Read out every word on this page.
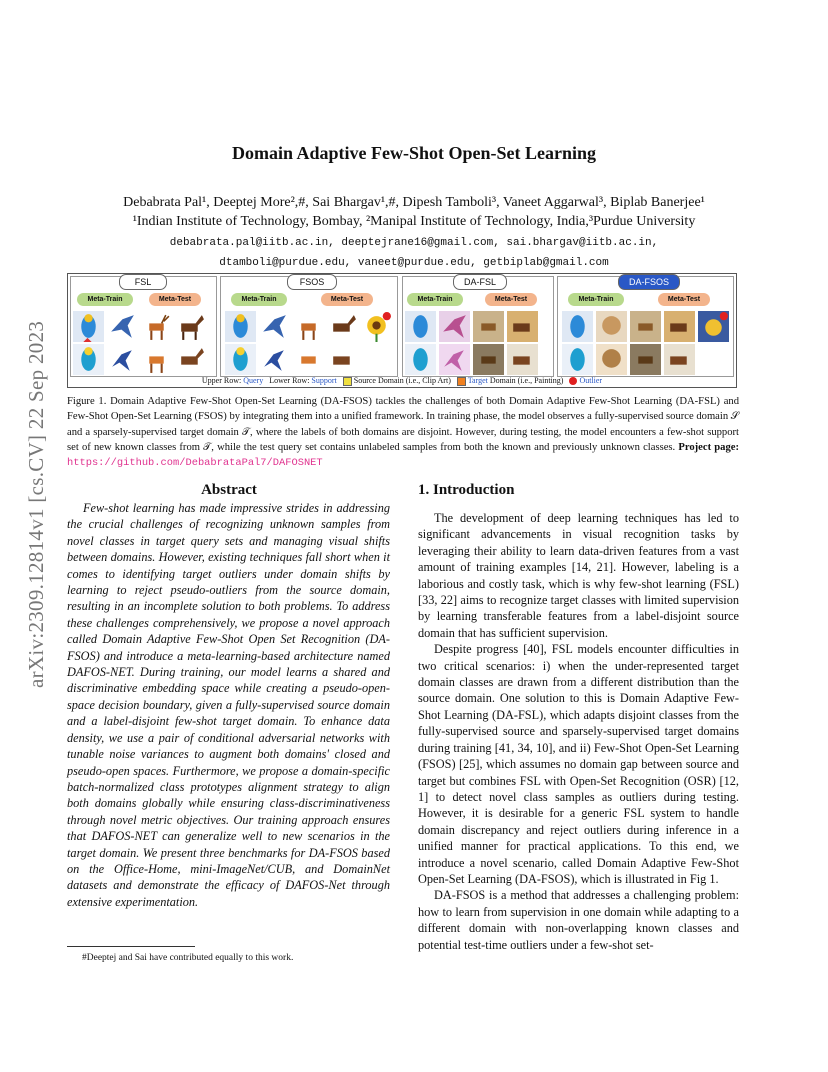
arXiv:2309.12814v1 [cs.CV] 22 Sep 2023
Domain Adaptive Few-Shot Open-Set Learning
Debabrata Pal¹, Deeptej More²,#, Sai Bhargav¹,#, Dipesh Tamboli³, Vaneet Aggarwal³, Biplab Banerjee¹
¹Indian Institute of Technology, Bombay, ²Manipal Institute of Technology, India,³Purdue University
debabrata.pal@iitb.ac.in, deeptejrane16@gmail.com, sai.bhargav@iitb.ac.in,
dtamboli@purdue.edu, vaneet@purdue.edu, getbiplab@gmail.com
FSL
Meta-Train	Meta-Test
FSOS
Meta-Train	Meta-Test
DA-FSL
Meta-Train	Meta-Test
DA-FSOS
Meta-Train	Meta-Test
Upper Row: Query Lower Row: Support Source Domain (i.e., Clip Art) Target Domain (i.e., Painting) Outlier
Figure 1. Domain Adaptive Few-Shot Open-Set Learning (DA-FSOS) tackles the challenges of both Domain Adaptive Few-Shot Learning (DA-FSL) and Few-Shot Open-Set Learning (FSOS) by integrating them into a unified framework. In training phase, the model observes a fully-supervised source domain 𝒮 and a sparsely-supervised target domain 𝒯, where the labels of both domains are disjoint. However, during testing, the model encounters a few-shot support set of new known classes from 𝒯, while the test query set contains unlabeled samples from both the known and previously unknown classes. Project page: https://github.com/DebabrataPal7/DAFOSNET
Abstract

Few-shot learning has made impressive strides in addressing the crucial challenges of recognizing unknown samples from novel classes in target query sets and managing visual shifts between domains. However, existing techniques fall short when it comes to identifying target outliers under domain shifts by learning to reject pseudo-outliers from the source domain, resulting in an incomplete solution to both problems. To address these challenges comprehensively, we propose a novel approach called Domain Adaptive Few-Shot Open Set Recognition (DA-FSOS) and introduce a meta-learning-based architecture named DAFOS-NET. During training, our model learns a shared and discriminative embedding space while creating a pseudo-open-space decision boundary, given a fully-supervised source domain and a label-disjoint few-shot target domain. To enhance data density, we use a pair of conditional adversarial networks with tunable noise variances to augment both domains' closed and pseudo-open spaces. Furthermore, we propose a domain-specific batch-normalized class prototypes alignment strategy to align both domains globally while ensuring class-discriminativeness through novel metric objectives. Our training approach ensures that DAFOS-NET can generalize well to new scenarios in the target domain. We present three benchmarks for DA-FSOS based on the Office-Home, mini-ImageNet/CUB, and DomainNet datasets and demonstrate the efficacy of DAFOS-Net through extensive experimentation.

1. Introduction

The development of deep learning techniques has led to significant advancements in visual recognition tasks by leveraging their ability to learn data-driven features from a vast amount of training examples [14, 21]. However, labeling is a laborious and costly task, which is why few-shot learning (FSL) [33, 22] aims to recognize target classes with limited supervision by learning transferable features from a label-disjoint source domain that has sufficient supervision.

Despite progress [40], FSL models encounter difficulties in two critical scenarios: i) when the under-represented target domain classes are drawn from a different distribution than the source domain. One solution to this is Domain Adaptive Few-Shot Learning (DA-FSL), which adapts disjoint classes from the fully-supervised source and sparsely-supervised target domains during training [41, 34, 10], and ii) Few-Shot Open-Set Learning (FSOS) [25], which assumes no domain gap between source and target but combines FSL with Open-Set Recognition (OSR) [12, 1] to detect novel class samples as outliers during testing. However, it is desirable for a generic FSL system to handle domain discrepancy and reject outliers during inference in a unified manner for practical applications. To this end, we introduce a novel scenario, called Domain Adaptive Few-Shot Open-Set Learning (DA-FSOS), which is illustrated in Fig 1.

DA-FSOS is a method that addresses a challenging problem: how to learn from supervision in one domain while adapting to a different domain with non-overlapping known classes and potential test-time outliers under a few-shot set-

#Deeptej and Sai have contributed equally to this work.
